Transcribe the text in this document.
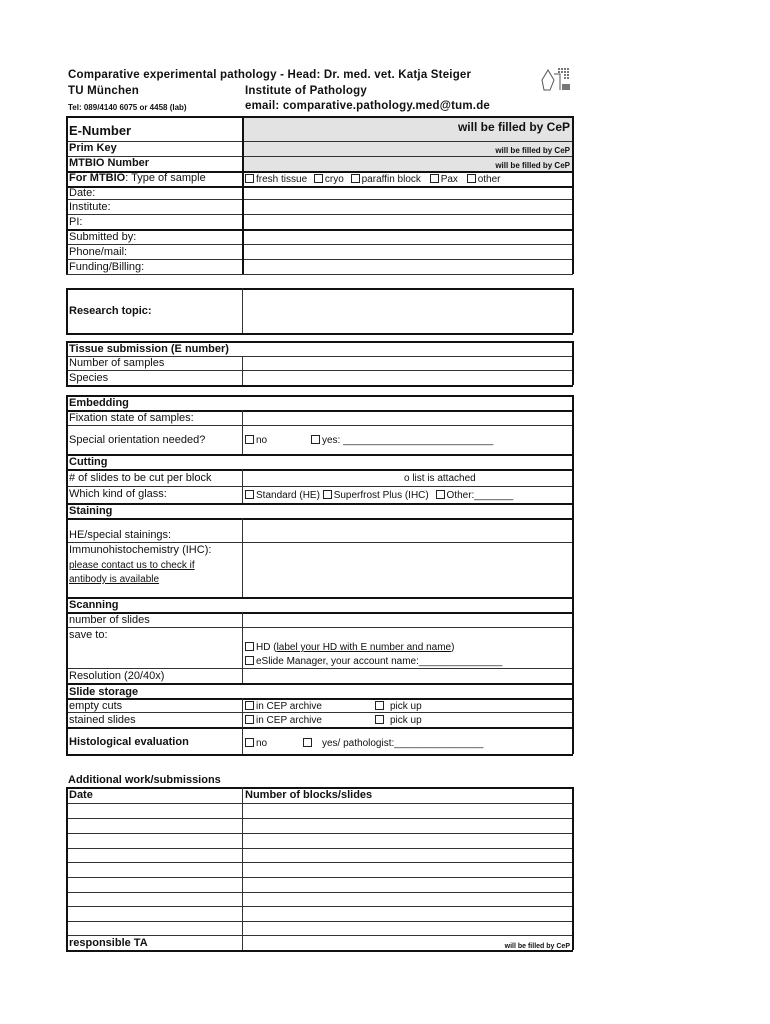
Comparative experimental pathology - Head: Dr. med. vet. Katja Steiger
TU München	Institute of Pathology
Tel: 089/4140 6075 or 4458 (lab)	email: comparative.pathology.med@tum.de
E-Number	will be filled by CeP
Prim Key	will be filled by CeP
MTBIO Number	will be filled by CeP
For MTBIO: Type of sample	fresh tissue cryo paraffin block Pax other
Date:
Institute:
PI:
Submitted by:
Phone/mail:
Funding/Billing:
Research topic:
Tissue submission (E number)
Number of samples
Species
Embedding
Fixation state of samples:
Special orientation needed?	no	yes: ___________________________
Cutting
# of slides to be cut per block	o list is attached
Which kind of glass:	Standard (HE) Superfrost Plus (IHC) Other:_______
Staining
HE/special stainings:
Immunohistochemistry (IHC):
please contact us to check if
antibody is available
Scanning
number of slides
save to:
HD (label your HD with E number and name)
eSlide Manager, your account name:_______________
Resolution (20/40x)
Slide storage
empty cuts	in CEP archive	pick up
stained slides	in CEP archive	pick up
Histological evaluation	no	yes/ pathologist:________________
Additional work/submissions
Date	Number of blocks/slides
responsible TA	will be filled by CeP
